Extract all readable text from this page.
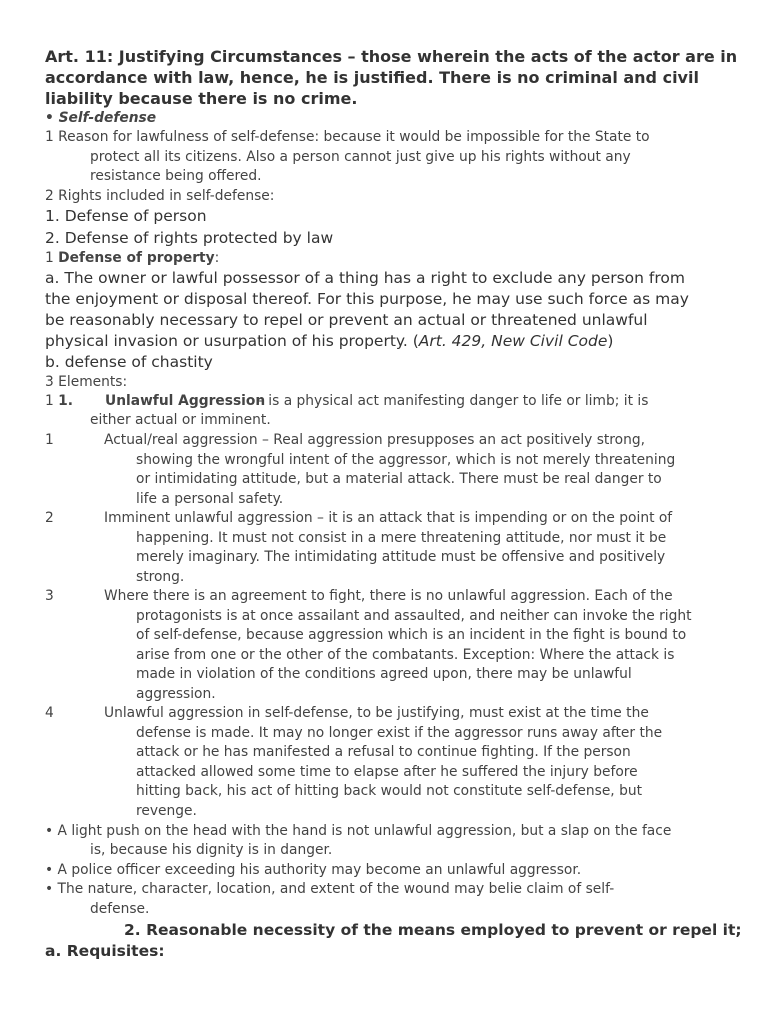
Art. 11: Justifying Circumstances – those wherein the acts of the actor are in
accordance with law, hence, he is justified. There is no criminal and civil
liability because there is no crime.
• Self-defense
1 Reason for lawfulness of self-defense: because it would be impossible for the State to
protect all its citizens. Also a person cannot just give up his rights without any
resistance being offered.
2 Rights included in self-defense:
1. Defense of person
2. Defense of rights protected by law
1 Defense of property:
a. The owner or lawful possessor of a thing has a right to exclude any person from
the enjoyment or disposal thereof. For this purpose, he may use such force as may
be reasonably necessary to repel or prevent an actual or threatened unlawful
physical invasion or usurpation of his property. (Art. 429, New Civil Code)
b. defense of chastity
3 Elements:
1 1. Unlawful Aggression
– is a physical act manifesting danger to life or limb; it is
either actual or imminent.
1	Actual/real aggression – Real aggression presupposes an act positively strong,
showing the wrongful intent of the aggressor, which is not merely threatening
or intimidating attitude, but a material attack. There must be real danger to
life a personal safety.
2	Imminent unlawful aggression – it is an attack that is impending or on the point of
happening. It must not consist in a mere threatening attitude, nor must it be
merely imaginary. The intimidating attitude must be offensive and positively
strong.
3	Where there is an agreement to fight, there is no unlawful aggression. Each of the
protagonists is at once assailant and assaulted, and neither can invoke the right
of self-defense, because aggression which is an incident in the fight is bound to
arise from one or the other of the combatants. Exception: Where the attack is
made in violation of the conditions agreed upon, there may be unlawful
aggression.
4	Unlawful aggression in self-defense, to be justifying, must exist at the time the
defense is made. It may no longer exist if the aggressor runs away after the
attack or he has manifested a refusal to continue fighting. If the person
attacked allowed some time to elapse after he suffered the injury before
hitting back, his act of hitting back would not constitute self-defense, but
revenge.
• A light push on the head with the hand is not unlawful aggression, but a slap on the face
is, because his dignity is in danger.
• A police officer exceeding his authority may become an unlawful aggressor.
• The nature, character, location, and extent of the wound may belie claim of self-
defense.
2. Reasonable necessity of the means employed to prevent or repel it;
a. Requisites:
